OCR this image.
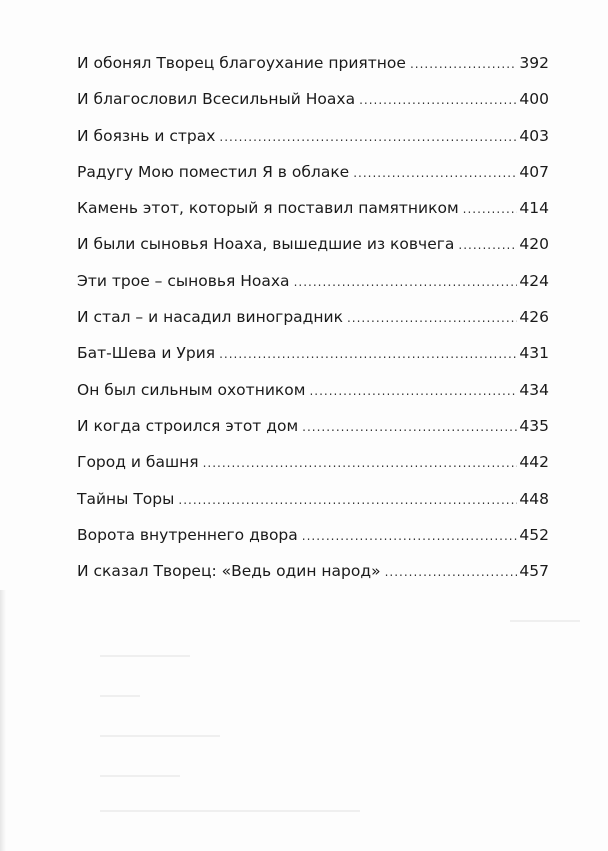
И обонял Творец благоухание приятное .....	392
И благословил Всесильный Ноаха .....	400
И боязнь и страх .....	403
Радугу Мою поместил Я в облаке .....	407
Камень этот, который я поставил памятником .....	414
И были сыновья Ноаха, вышедшие из ковчега .....	420
Эти трое – сыновья Ноаха .....	424
И стал – и насадил виноградник .....	426
Бат-Шева и Урия .....	431
Он был сильным охотником .....	434
И когда строился этот дом .....	435
Город и башня .....	442
Тайны Торы .....	448
Ворота внутреннего двора .....	452
И сказал Творец: «Ведь один народ» .....	457
